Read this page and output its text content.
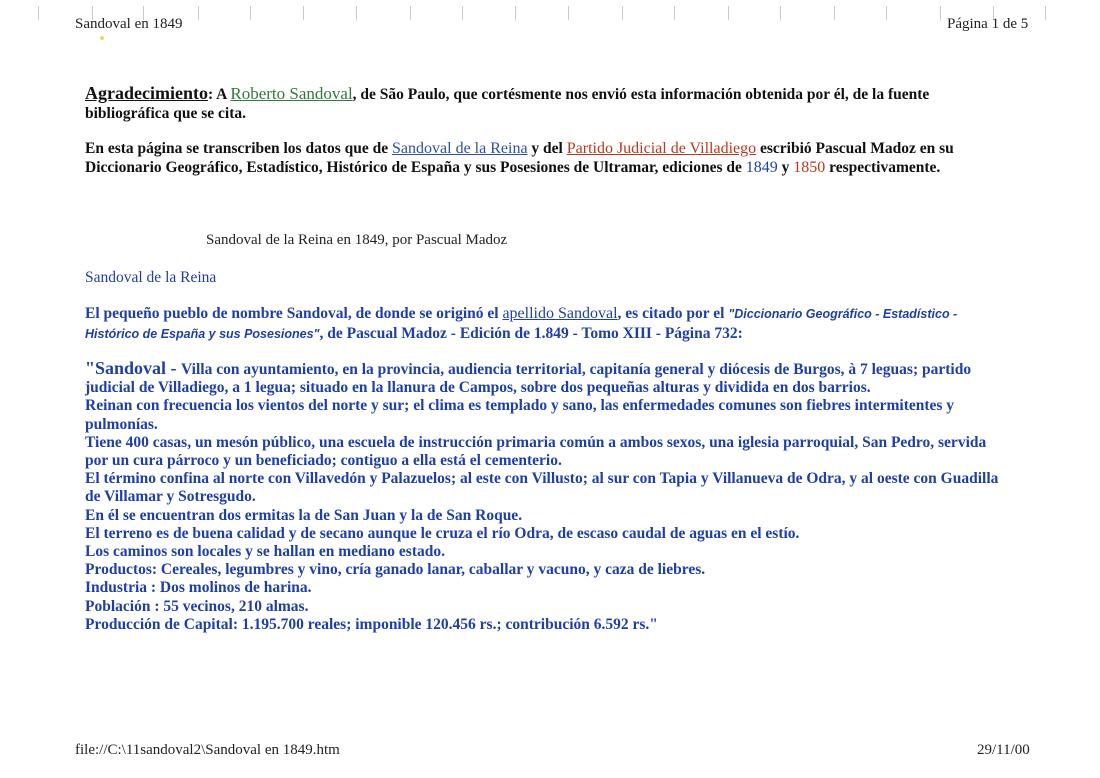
Sandoval en 1849	Página 1 de 5
Agradecimiento: A Roberto Sandoval, de São Paulo, que cortésmente nos envió esta información obtenida por él, de la fuente
bibliográfica que se cita.
En esta página se transcriben los datos que de Sandoval de la Reina y del Partido Judicial de Villadiego escribió Pascual Madoz en su
Diccionario Geográfico, Estadístico, Histórico de España y sus Posesiones de Ultramar, ediciones de 1849 y 1850 respectivamente.
Sandoval de la Reina en 1849, por Pascual Madoz
Sandoval de la Reina
El pequeño pueblo de nombre Sandoval, de donde se originó el apellido Sandoval, es citado por el "Diccionario Geográfico - Estadístico -
Histórico de España y sus Posesiones", de Pascual Madoz - Edición de 1.849 - Tomo XIII - Página 732:
"Sandoval - Villa con ayuntamiento, en la provincia, audiencia territorial, capitanía general y diócesis de Burgos, à 7 leguas; partido
judicial de Villadiego, a 1 legua; situado en la llanura de Campos, sobre dos pequeñas alturas y dividida en dos barrios.
Reinan con frecuencia los vientos del norte y sur; el clima es templado y sano, las enfermedades comunes son fiebres intermitentes y
pulmonías.
Tiene 400 casas, un mesón público, una escuela de instrucción primaria común a ambos sexos, una iglesia parroquial, San Pedro, servida
por un cura párroco y un beneficiado; contiguo a ella está el cementerio.
El término confina al norte con Villavedón y Palazuelos; al este con Villusto; al sur con Tapia y Villanueva de Odra, y al oeste con Guadilla
de Villamar y Sotresgudo.
En él se encuentran dos ermitas la de San Juan y la de San Roque.
El terreno es de buena calidad y de secano aunque le cruza el río Odra, de escaso caudal de aguas en el estío.
Los caminos son locales y se hallan en mediano estado.
Productos: Cereales, legumbres y vino, cría ganado lanar, caballar y vacuno, y caza de liebres.
Industria : Dos molinos de harina.
Población : 55 vecinos, 210 almas.
Producción de Capital: 1.195.700 reales; imponible 120.456 rs.; contribución 6.592 rs."
file://C:\11sandoval2\Sandoval en 1849.htm	29/11/00
